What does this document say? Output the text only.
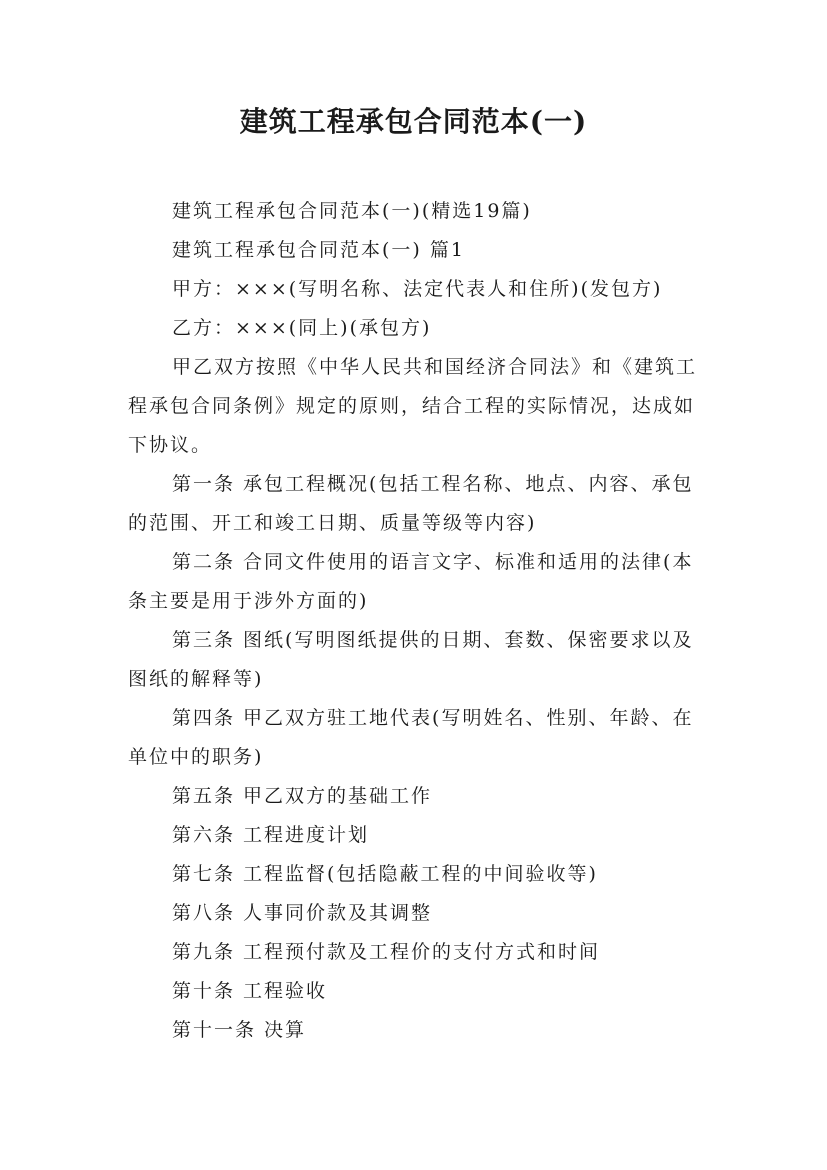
建筑工程承包合同范本(一)

建筑工程承包合同范本(一)(精选19篇)

建筑工程承包合同范本(一) 篇1

甲方：×××(写明名称、法定代表人和住所)(发包方)

乙方：×××(同上)(承包方)

甲乙双方按照《中华人民共和国经济合同法》和《建筑工程承包合同条例》规定的原则，结合工程的实际情况，达成如下协议。

第一条 承包工程概况(包括工程名称、地点、内容、承包的范围、开工和竣工日期、质量等级等内容)

第二条 合同文件使用的语言文字、标准和适用的法律(本条主要是用于涉外方面的)

第三条 图纸(写明图纸提供的日期、套数、保密要求以及图纸的解释等)

第四条 甲乙双方驻工地代表(写明姓名、性别、年龄、在单位中的职务)

第五条 甲乙双方的基础工作

第六条 工程进度计划

第七条 工程监督(包括隐蔽工程的中间验收等)

第八条 人事同价款及其调整

第九条 工程预付款及工程价的支付方式和时间

第十条 工程验收

第十一条 决算
